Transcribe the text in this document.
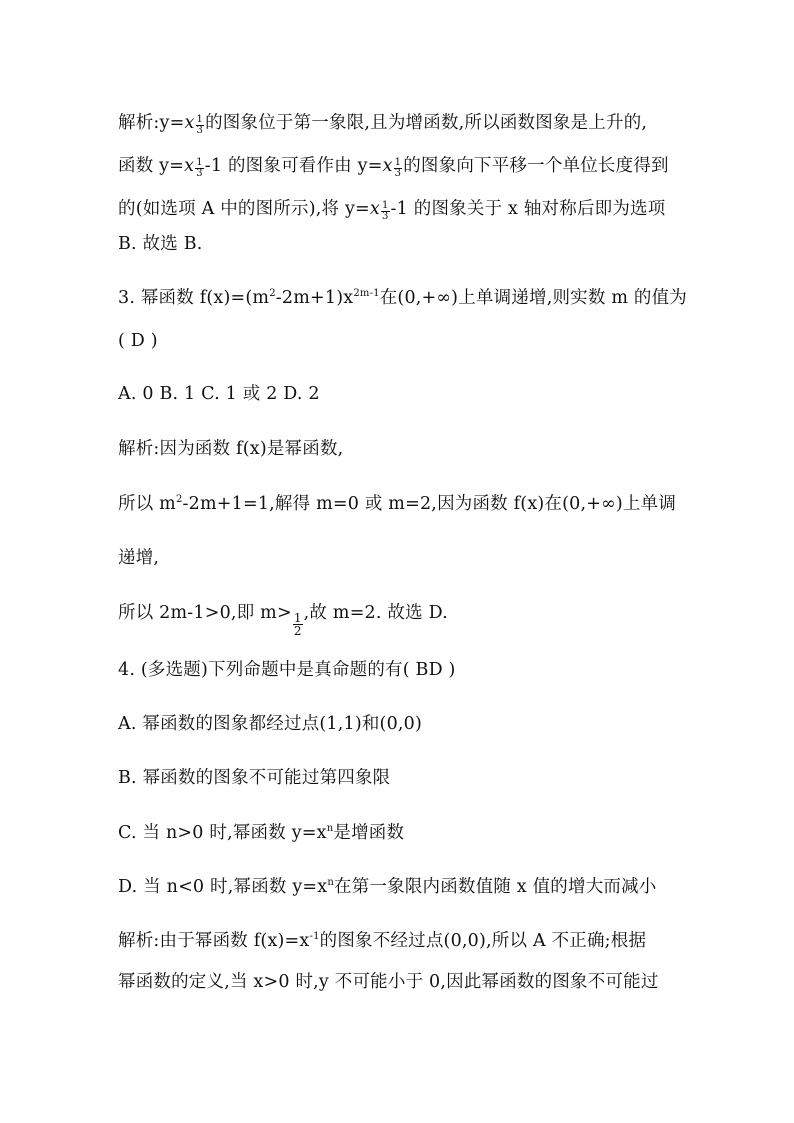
解析:y=x $\frac{1}{3}$ 的图象位于第一象限,且为增函数,所以函数图象是上升的,
函数 $y=x \frac{1}{3} -1$ 的图象可看作由 $y=x \frac{1}{3}$ 的图象向下平移一个单位长度得到
的(如选项 A 中的图所示),将 $y=x \frac{1}{3} -1$ 的图象关于 x 轴对称后即为选项
B. 故选 B.
3. 幂函数 $f(x)=(m^2-2m+1)x^{2m-1}$在(0,+∞)上单调递增,则实数 m 的值为
( D )
A. 0 B. 1 C. 1 或 2 D. 2
解析:因为函数 f(x)是幂函数,
所以 $m^2-2m+1=1$,解得 m=0 或 m=2,因为函数 f(x)在(0,+∞)上单调
递增,
所以 2m-1>0,即 $m> \frac{1}{2}$ ,故 m=2. 故选 D.
4. (多选题)下列命题中是真命题的有( BD )
A. 幂函数的图象都经过点(1,1)和(0,0)
B. 幂函数的图象不可能过第四象限
C. 当 n>0 时,幂函数 $y=x^n$是增函数
D. 当 n<0 时,幂函数 $y=x^n$在第一象限内函数值随 x 值的增大而减小
解析:由于幂函数 $f(x)=x^{-1}$的图象不经过点(0,0),所以 A 不正确;根据
幂函数的定义,当 x>0 时,y 不可能小于 0,因此幂函数的图象不可能过
